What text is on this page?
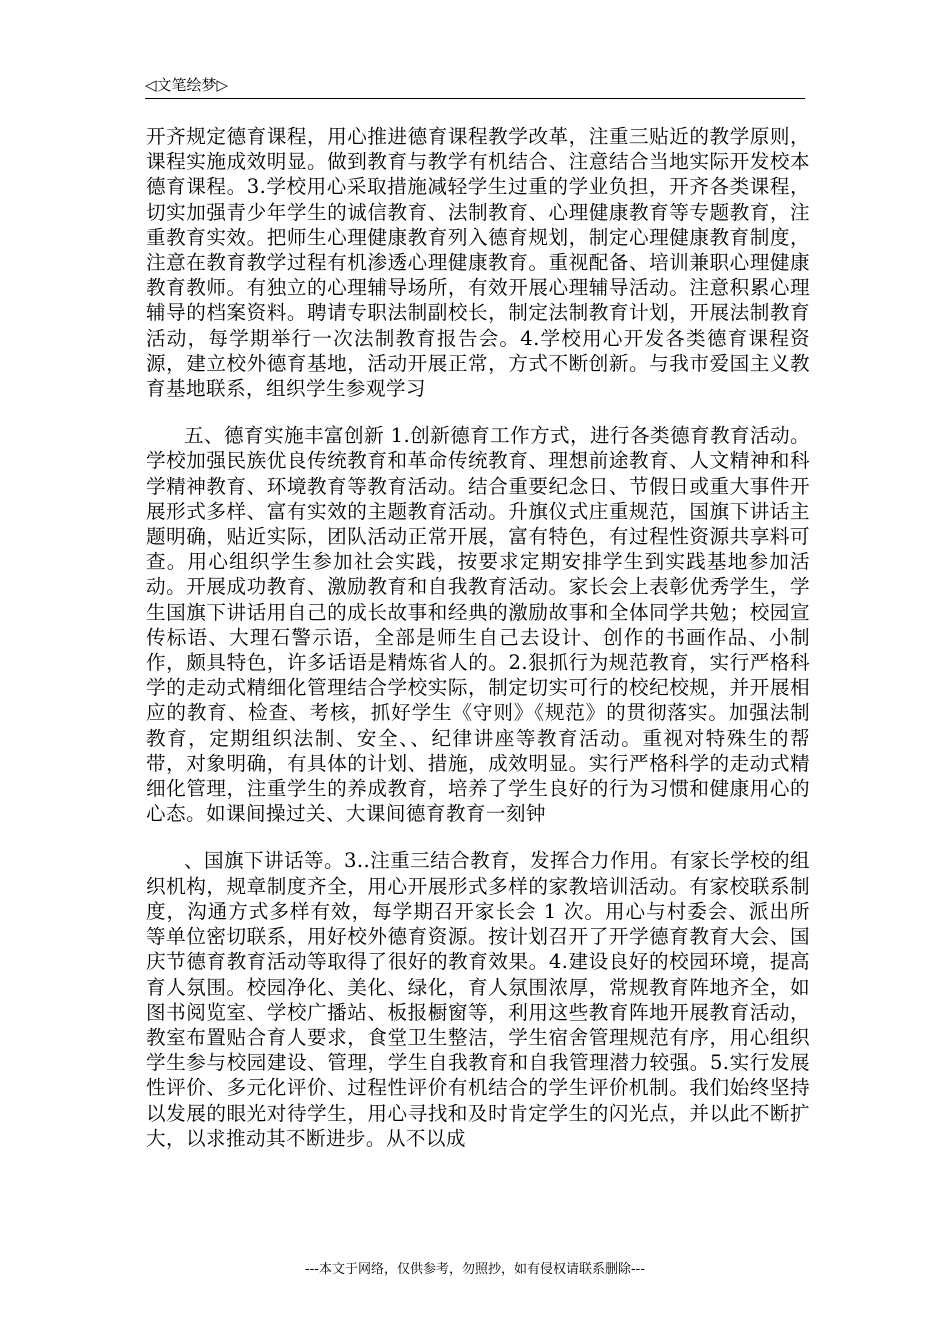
◁文笔绘梦▷

开齐规定德育课程，用心推进德育课程教学改革，注重三贴近的教学原则，课程实施成效明显。做到教育与教学有机结合、注意结合当地实际开发校本德育课程。3.学校用心采取措施减轻学生过重的学业负担，开齐各类课程，切实加强青少年学生的诚信教育、法制教育、心理健康教育等专题教育，注重教育实效。把师生心理健康教育列入德育规划，制定心理健康教育制度，注意在教育教学过程有机渗透心理健康教育。重视配备、培训兼职心理健康教育教师。有独立的心理辅导场所，有效开展心理辅导活动。注意积累心理辅导的档案资料。聘请专职法制副校长，制定法制教育计划，开展法制教育活动，每学期举行一次法制教育报告会。4.学校用心开发各类德育课程资源，建立校外德育基地，活动开展正常，方式不断创新。与我市爱国主义教育基地联系，组织学生参观学习

五、德育实施丰富创新 1.创新德育工作方式，进行各类德育教育活动。学校加强民族优良传统教育和革命传统教育、理想前途教育、人文精神和科学精神教育、环境教育等教育活动。结合重要纪念日、节假日或重大事件开展形式多样、富有实效的主题教育活动。升旗仪式庄重规范，国旗下讲话主题明确，贴近实际，团队活动正常开展，富有特色，有过程性资源共享料可查。用心组织学生参加社会实践，按要求定期安排学生到实践基地参加活动。开展成功教育、激励教育和自我教育活动。家长会上表彰优秀学生，学生国旗下讲话用自己的成长故事和经典的激励故事和全体同学共勉；校园宣传标语、大理石警示语，全部是师生自己去设计、创作的书画作品、小制作，颇具特色，许多话语是精炼省人的。2.狠抓行为规范教育，实行严格科学的走动式精细化管理结合学校实际，制定切实可行的校纪校规，并开展相应的教育、检查、考核，抓好学生《守则》《规范》的贯彻落实。加强法制教育，定期组织法制、安全、、纪律讲座等教育活动。重视对特殊生的帮带，对象明确，有具体的计划、措施，成效明显。实行严格科学的走动式精细化管理，注重学生的养成教育，培养了学生良好的行为习惯和健康用心的心态。如课间操过关、大课间德育教育一刻钟

、国旗下讲话等。3..注重三结合教育，发挥合力作用。有家长学校的组织机构，规章制度齐全，用心开展形式多样的家教培训活动。有家校联系制度，沟通方式多样有效，每学期召开家长会 1 次。用心与村委会、派出所等单位密切联系，用好校外德育资源。按计划召开了开学德育教育大会、国庆节德育教育活动等取得了很好的教育效果。4.建设良好的校园环境，提高育人氛围。校园净化、美化、绿化，育人氛围浓厚，常规教育阵地齐全，如图书阅览室、学校广播站、板报橱窗等，利用这些教育阵地开展教育活动，教室布置贴合育人要求，食堂卫生整洁，学生宿舍管理规范有序，用心组织学生参与校园建设、管理，学生自我教育和自我管理潜力较强。5.实行发展性评价、多元化评价、过程性评价有机结合的学生评价机制。我们始终坚持以发展的眼光对待学生，用心寻找和及时肯定学生的闪光点，并以此不断扩大，以求推动其不断进步。从不以成

---本文于网络，仅供参考，勿照抄，如有侵权请联系删除---
